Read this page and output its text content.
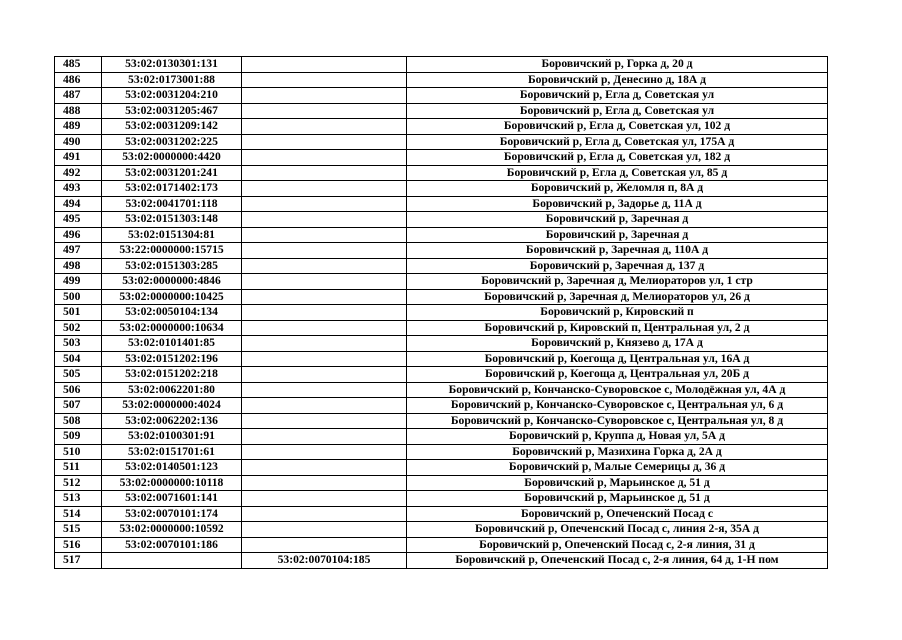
485	53:02:0130301:131		Боровичский р, Горка д, 20 д
486	53:02:0173001:88		Боровичский р, Денесино д, 18А д
487	53:02:0031204:210		Боровичский р, Егла д, Советская ул
488	53:02:0031205:467		Боровичский р, Егла д, Советская ул
489	53:02:0031209:142		Боровичский р, Егла д, Советская ул, 102 д
490	53:02:0031202:225		Боровичский р, Егла д, Советская ул, 175А д
491	53:02:0000000:4420		Боровичский р, Егла д, Советская ул, 182 д
492	53:02:0031201:241		Боровичский р, Егла д, Советская ул, 85 д
493	53:02:0171402:173		Боровичский р, Желомля п, 8А д
494	53:02:0041701:118		Боровичский р, Задорье д, 11А д
495	53:02:0151303:148		Боровичский р, Заречная д
496	53:02:0151304:81		Боровичский р, Заречная д
497	53:22:0000000:15715		Боровичский р, Заречная д, 110А д
498	53:02:0151303:285		Боровичский р, Заречная д, 137 д
499	53:02:0000000:4846		Боровичский р, Заречная д, Мелиораторов ул, 1 стр
500	53:02:0000000:10425		Боровичский р, Заречная д, Мелиораторов ул, 26 д
501	53:02:0050104:134		Боровичский р, Кировский п
502	53:02:0000000:10634		Боровичский р, Кировский п, Центральная ул, 2 д
503	53:02:0101401:85		Боровичский р, Князево д, 17А д
504	53:02:0151202:196		Боровичский р, Коегоща д, Центральная ул, 16А д
505	53:02:0151202:218		Боровичский р, Коегоща д, Центральная ул, 20Б д
506	53:02:0062201:80		Боровичский р, Кончанско-Суворовское с, Молодёжная ул, 4А д
507	53:02:0000000:4024		Боровичский р, Кончанско-Суворовское с, Центральная ул, 6 д
508	53:02:0062202:136		Боровичский р, Кончанско-Суворовское с, Центральная ул, 8 д
509	53:02:0100301:91		Боровичский р, Круппа д, Новая ул, 5А д
510	53:02:0151701:61		Боровичский р, Мазихина Горка д, 2А д
511	53:02:0140501:123		Боровичский р, Малые Семерицы д, 36 д
512	53:02:0000000:10118		Боровичский р, Марьинское д, 51 д
513	53:02:0071601:141		Боровичский р, Марьинское д, 51 д
514	53:02:0070101:174		Боровичский р, Опеченский Посад с
515	53:02:0000000:10592		Боровичский р, Опеченский Посад с, линия 2-я, 35А д
516	53:02:0070101:186		Боровичский р, Опеченский Посад с, 2-я линия, 31 д
517		53:02:0070104:185	Боровичский р, Опеченский Посад с, 2-я линия, 64 д, 1-Н пом
